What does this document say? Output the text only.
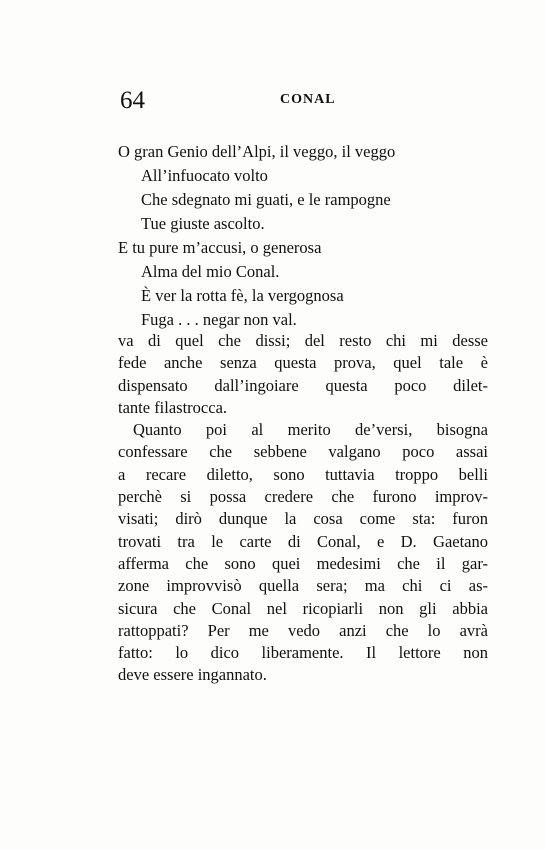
64	CONAL
O gran Genio dell’Alpi, il veggo, il veggo
All’infuocato volto
Che sdegnato mi guati, e le rampogne
Tue giuste ascolto.
E tu pure m’accusi, o generosa
Alma del mio Conal.
È ver la rotta fè, la vergognosa
Fuga . . . negar non val.
va di quel che dissi; del resto chi mi desse
fede anche senza questa prova, quel tale è
dispensato dall’ingoiare questa poco dilet-
tante filastrocca.
Quanto poi al merito de’versi, bisogna
confessare che sebbene valgano poco assai
a recare diletto, sono tuttavia troppo belli
perchè si possa credere che furono improv-
visati; dirò dunque la cosa come sta: furon
trovati tra le carte di Conal, e D. Gaetano
afferma che sono quei medesimi che il gar-
zone improvvisò quella sera; ma chi ci as-
sicura che Conal nel ricopiarli non gli abbia
rattoppati? Per me vedo anzi che lo avrà
fatto: lo dico liberamente. Il lettore non
deve essere ingannato.
